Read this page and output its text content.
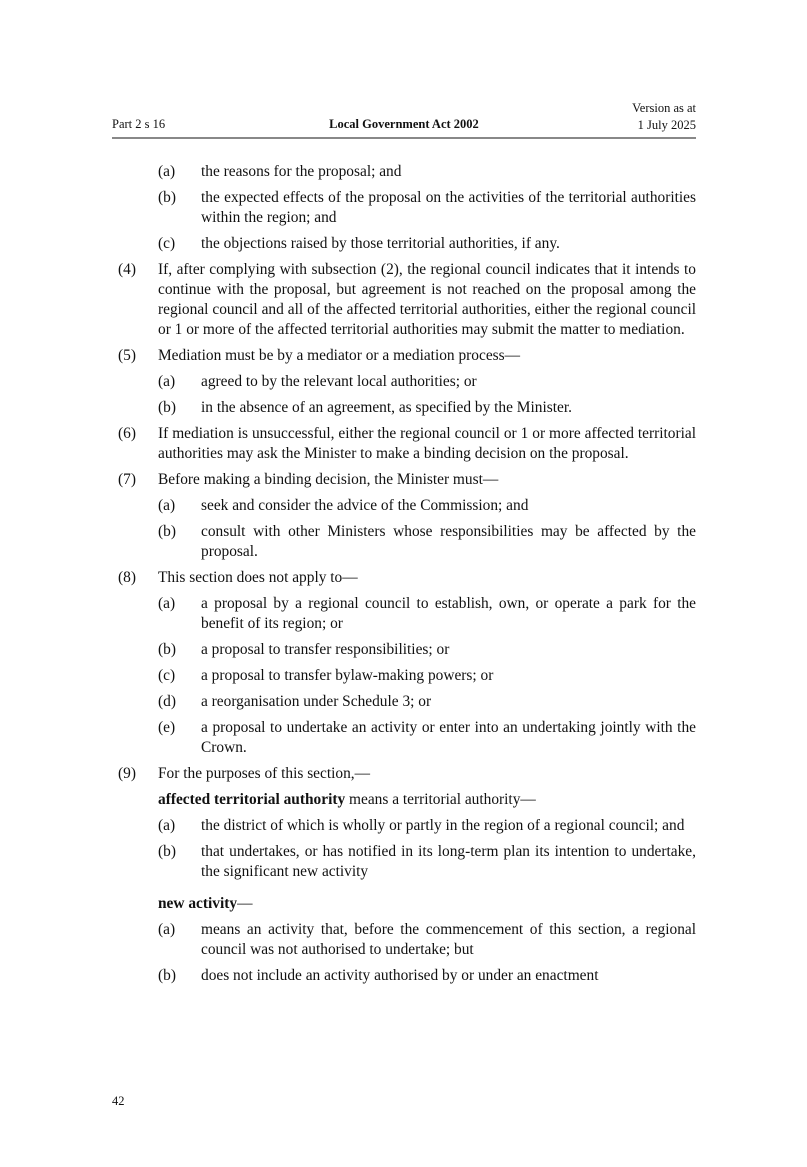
Part 2 s 16	Local Government Act 2002
Version as at
1 July 2025
(a) the reasons for the proposal; and
(b) the expected effects of the proposal on the activities of the territorial authorities within the region; and
(c) the objections raised by those territorial authorities, if any.
(4) If, after complying with subsection (2), the regional council indicates that it intends to continue with the proposal, but agreement is not reached on the proposal among the regional council and all of the affected territorial authorities, either the regional council or 1 or more of the affected territorial authorities may submit the matter to mediation.
(5) Mediation must be by a mediator or a mediation process—
(a) agreed to by the relevant local authorities; or
(b) in the absence of an agreement, as specified by the Minister.
(6) If mediation is unsuccessful, either the regional council or 1 or more affected territorial authorities may ask the Minister to make a binding decision on the proposal.
(7) Before making a binding decision, the Minister must—
(a) seek and consider the advice of the Commission; and
(b) consult with other Ministers whose responsibilities may be affected by the proposal.
(8) This section does not apply to—
(a) a proposal by a regional council to establish, own, or operate a park for the benefit of its region; or
(b) a proposal to transfer responsibilities; or
(c) a proposal to transfer bylaw-making powers; or
(d) a reorganisation under Schedule 3; or
(e) a proposal to undertake an activity or enter into an undertaking jointly with the Crown.
(9) For the purposes of this section,—
affected territorial authority means a territorial authority—
(a) the district of which is wholly or partly in the region of a regional council; and
(b) that undertakes, or has notified in its long-term plan its intention to undertake, the significant new activity
new activity—
(a) means an activity that, before the commencement of this section, a regional council was not authorised to undertake; but
(b) does not include an activity authorised by or under an enactment
42
